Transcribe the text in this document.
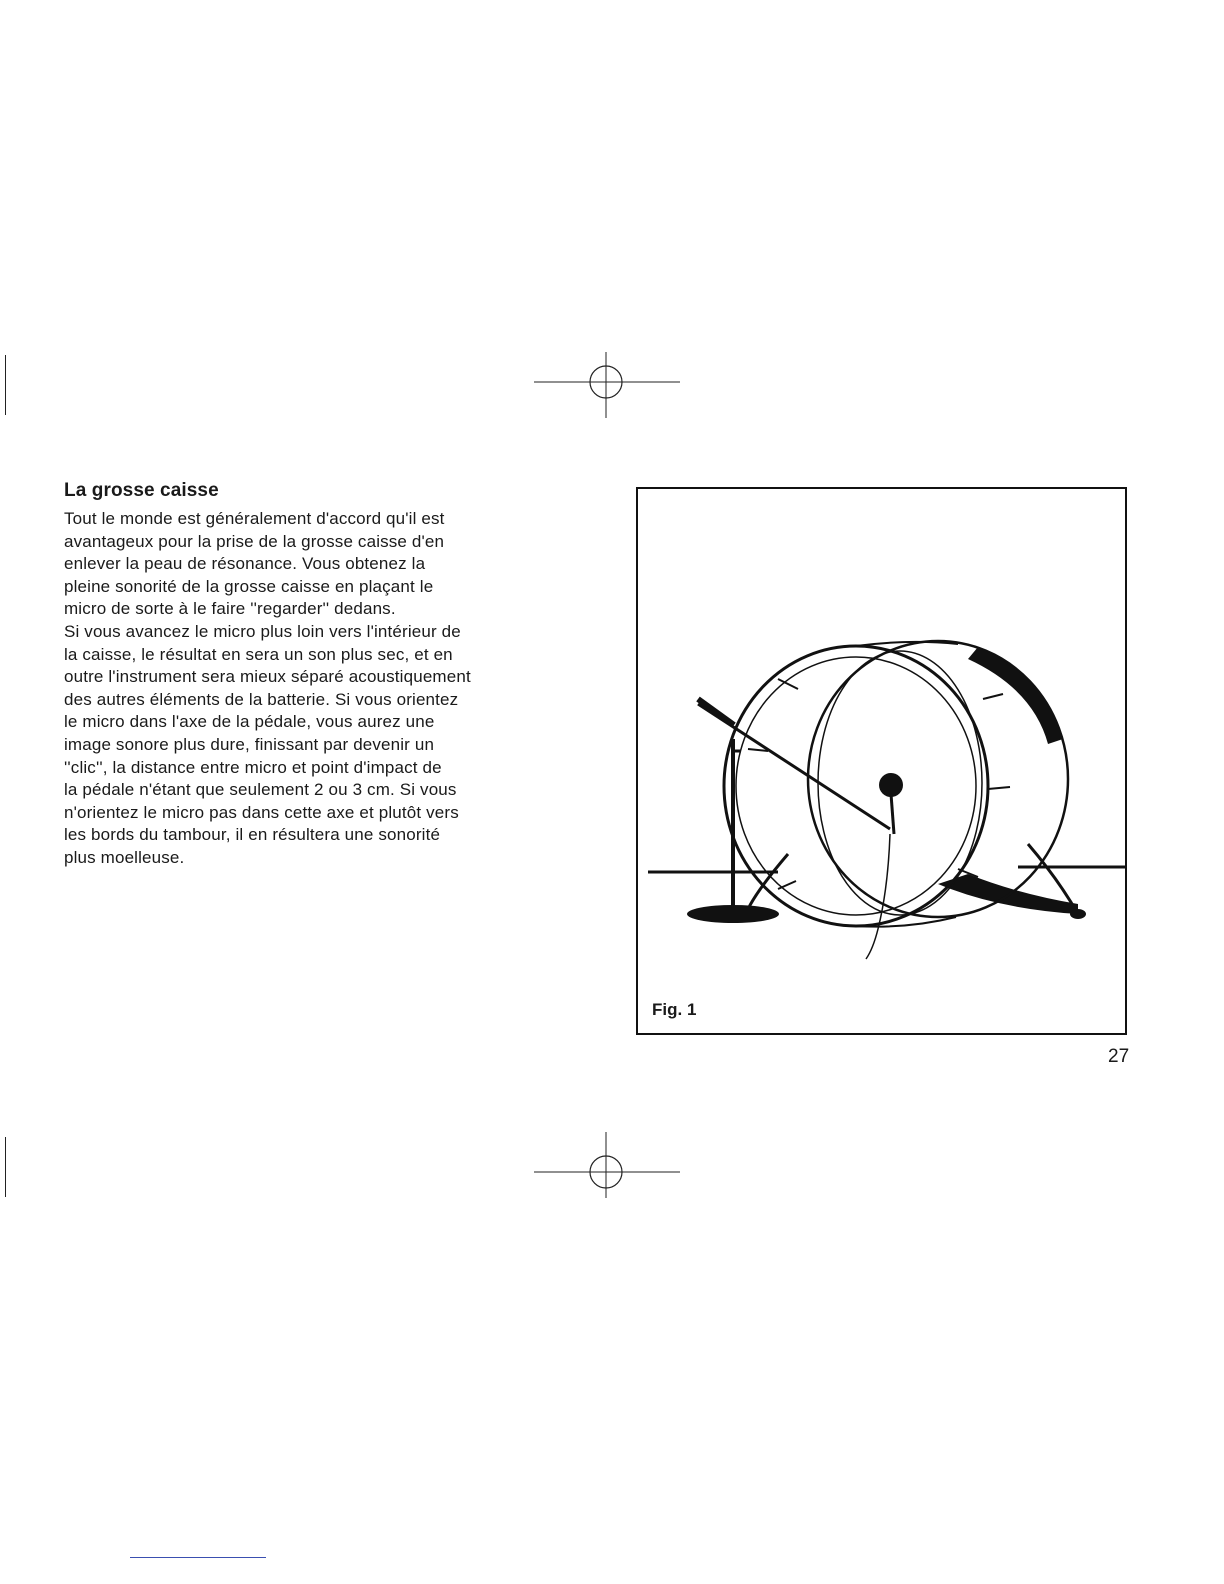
La grosse caisse

Tout le monde est généralement d'accord qu'il est
avantageux pour la prise de la grosse caisse d'en
enlever la peau de résonance. Vous obtenez la
pleine sonorité de la grosse caisse en plaçant le
micro de sorte à le faire ''regarder'' dedans.
Si vous avancez le micro plus loin vers l'intérieur de
la caisse, le résultat en sera un son plus sec, et en
outre l'instrument sera mieux séparé acoustiquement
des autres éléments de la batterie. Si vous orientez
le micro dans l'axe de la pédale, vous aurez une
image sonore plus dure, finissant par devenir un
''clic'', la distance entre micro et point d'impact de
la pédale n'étant que seulement 2 ou 3 cm. Si vous
n'orientez le micro pas dans cette axe et plutôt vers
les bords du tambour, il en résultera une sonorité
plus moelleuse.

Fig. 1
27
